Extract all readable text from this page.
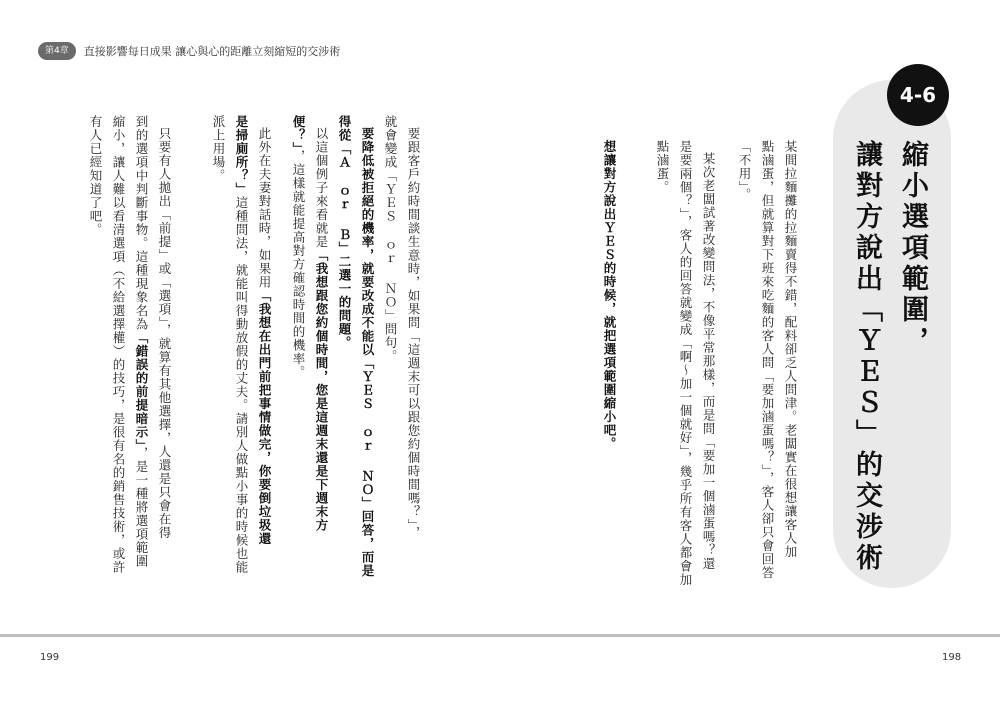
第4章	直接影響每日成果 讓心與心的距離立刻縮短的交涉術
4-6
縮小選項範圍，
讓對方說出「ＹＥＳ」的交涉術
某間拉麵攤的拉麵賣得不錯，配料卻乏人問津。老闆實在很想讓客人加
點滷蛋，但就算對下班來吃麵的客人問「要加滷蛋嗎？」，客人卻只會回答
「不用」。
某次老闆試著改變問法，不像平常那樣，而是問「要加一個滷蛋嗎？還
是要兩個？」，客人的回答就變成「啊～加一個就好」，幾乎所有客人都會加
點滷蛋。
想讓對方說出ＹＥＳ的時候，就把選項範圍縮小吧。
要跟客戶約時間談生意時，如果問「這週末可以跟您約個時間嗎？」，
就會變成「ＹＥＳ ｏｒ ＮＯ」問句。
要降低被拒絕的機率，就要改成不能以「ＹＥＳ ｏｒ ＮＯ」回答，而是
得從「Ａ ｏｒ Ｂ」二選一的問題。
以這個例子來看就是「我想跟您約個時間，您是這週末還是下週末方
便？」，這樣就能提高對方確認時間的機率。
此外在夫妻對話時，如果用「我想在出門前把事情做完，你要倒垃圾還
是掃廁所？」這種問法，就能叫得動放假的丈夫。請別人做點小事的時候也能
派上用場。
只要有人拋出「前提」或「選項」，就算有其他選擇，人還是只會在得
到的選項中判斷事物。這種現象名為「錯誤的前提暗示」，是一種將選項範圍
縮小，讓人難以看清選項（不給選擇權）的技巧，是很有名的銷售技術，或許
有人已經知道了吧。
199	198
